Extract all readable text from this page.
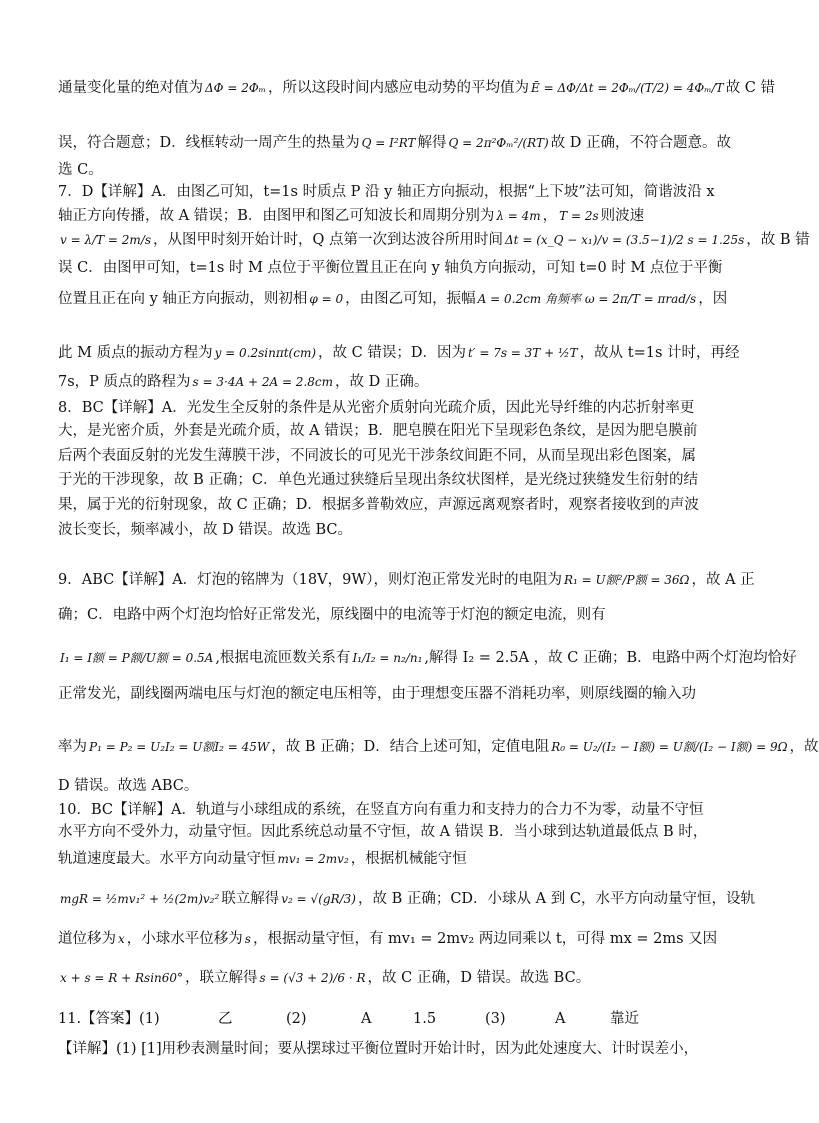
通量变化量的绝对值为 ΔΦ = 2Φₘ ，所以这段时间内感应电动势的平均值为 Ē = ΔΦ/Δt = 2Φₘ/(T/2) = 4Φₘ/T 故 C 错
误，符合题意；D．线框转动一周产生的热量为 Q = I²RT 解得 Q = 2π²Φₘ²/(RT) 故 D 正确，不符合题意。故
选 C。
7．D【详解】A．由图乙可知，t=1s 时质点 P 沿 y 轴正方向振动，根据“上下坡”法可知，简谐波沿 x
轴正方向传播，故 A 错误；B．由图甲和图乙可知波长和周期分别为 λ = 4m ， T = 2s 则波速
v = λ/T = 2m/s ，从图甲时刻开始计时，Q 点第一次到达波谷所用时间 Δt = (x_Q − x₁)/v = (3.5−1)/2 s = 1.25s ，故 B 错
误 C．由图甲可知，t=1s 时 M 点位于平衡位置且正在向 y 轴负方向振动，可知 t=0 时 M 点位于平衡
位置且正在向 y 轴正方向振动，则初相 φ = 0 ，由图乙可知，振幅 A = 0.2cm 角频率 ω = 2π/T = πrad/s ，因
此 M 质点的振动方程为 y = 0.2sinπt(cm) ，故 C 错误；D．因为 t′ = 7s = 3T + ½T ，故从 t=1s 计时，再经
7s，P 质点的路程为 s = 3·4A + 2A = 2.8cm ，故 D 正确。
8．BC【详解】A．光发生全反射的条件是从光密介质射向光疏介质，因此光导纤维的内芯折射率更
大，是光密介质，外套是光疏介质，故 A 错误；B．肥皂膜在阳光下呈现彩色条纹，是因为肥皂膜前
后两个表面反射的光发生薄膜干涉，不同波长的可见光干涉条纹间距不同，从而呈现出彩色图案，属
于光的干涉现象，故 B 正确；C．单色光通过狭缝后呈现出条纹状图样，是光绕过狭缝发生衍射的结
果，属于光的衍射现象，故 C 正确；D．根据多普勒效应，声源远离观察者时，观察者接收到的声波
波长变长，频率减小，故 D 错误。故选 BC。
9．ABC【详解】A．灯泡的铭牌为（18V，9W），则灯泡正常发光时的电阻为 R₁ = U额²/P额 = 36Ω ，故 A 正
确；C．电路中两个灯泡均恰好正常发光，原线圈中的电流等于灯泡的额定电流，则有
I₁ = I额 = P额/U额 = 0.5A ,根据电流匝数关系有 I₁/I₂ = n₂/n₁ ,解得 I₂ = 2.5A ，故 C 正确；B．电路中两个灯泡均恰好
正常发光，副线圈两端电压与灯泡的额定电压相等，由于理想变压器不消耗功率，则原线圈的输入功
率为 P₁ = P₂ = U₂I₂ = U额I₂ = 45W ，故 B 正确；D．结合上述可知，定值电阻 R₀ = U₂/(I₂ − I额) = U额/(I₂ − I额) = 9Ω ，故
D 错误。故选 ABC。
10．BC【详解】A．轨道与小球组成的系统，在竖直方向有重力和支持力的合力不为零，动量不守恒
水平方向不受外力，动量守恒。因此系统总动量不守恒，故 A 错误 B．当小球到达轨道最低点 B 时，
轨道速度最大。水平方向动量守恒 mv₁ = 2mv₂ ，根据机械能守恒
mgR = ½mv₁² + ½(2m)v₂² 联立解得 v₂ = √(gR/3) ，故 B 正确；CD．小球从 A 到 C，水平方向动量守恒，设轨
道位移为 x ，小球水平位移为 s ，根据动量守恒，有 mv₁ = 2mv₂ 两边同乘以 t，可得 mx = 2ms 又因
x + s = R + Rsin60° ，联立解得 s = (√3 + 2)/6 · R ，故 C 正确，D 错误。故选 BC。
11.【答案】(1)	乙	(2)	A	1.5	(3)	A	靠近
【详解】(1) [1]用秒表测量时间；要从摆球过平衡位置时开始计时，因为此处速度大、计时误差小，
